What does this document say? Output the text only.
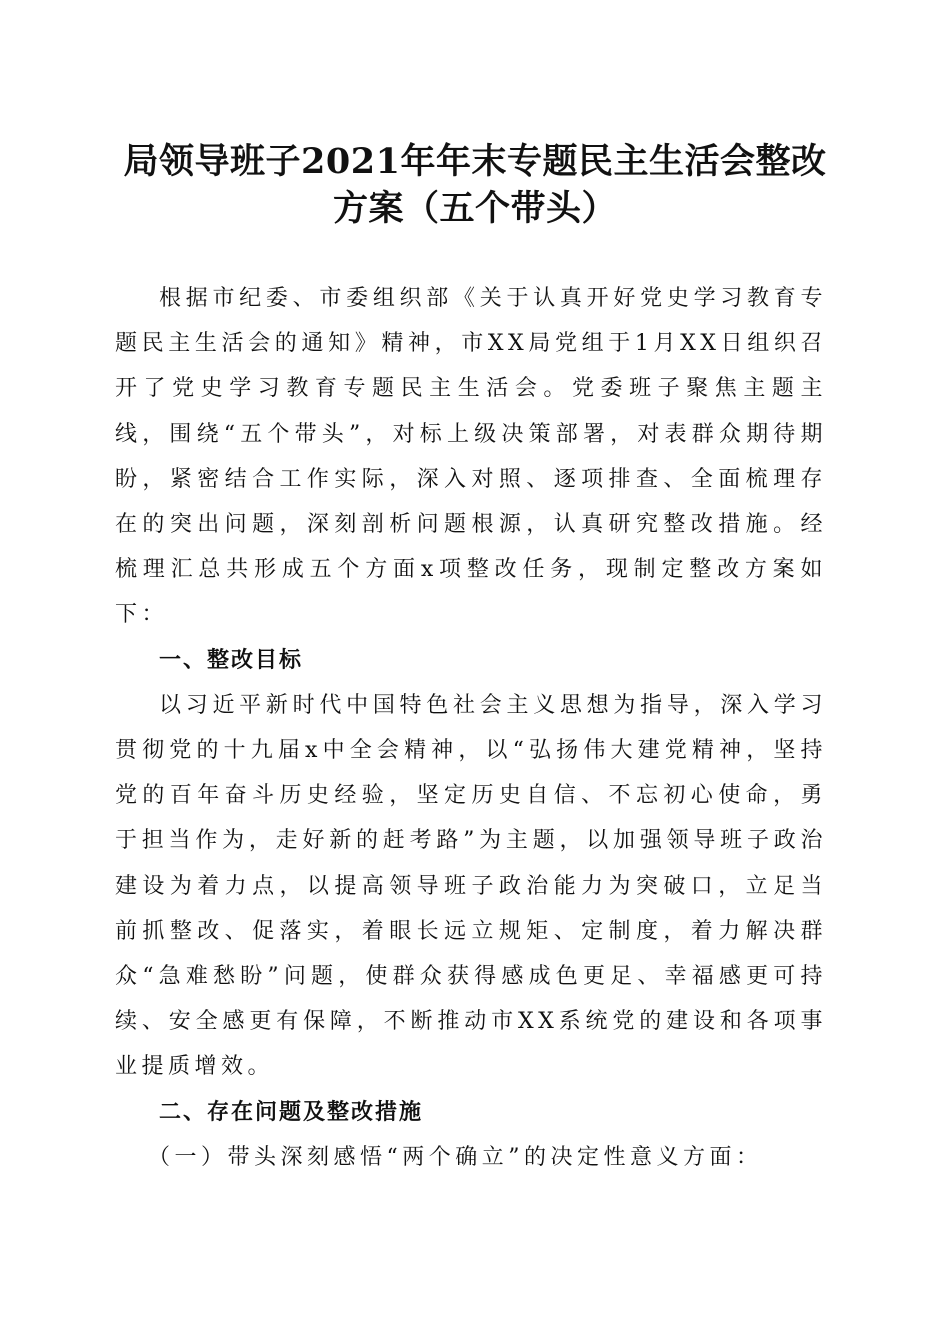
局领导班子2021年年末专题民主生活会整改
方案（五个带头）

根据市纪委、市委组织部《关于认真开好党史学习教育专题民主生活会的通知》精神，市XX局党组于1月XX日组织召开了党史学习教育专题民主生活会。党委班子聚焦主题主线，围绕“五个带头”，对标上级决策部署，对表群众期待期盼，紧密结合工作实际，深入对照、逐项排查、全面梳理存在的突出问题，深刻剖析问题根源，认真研究整改措施。经梳理汇总共形成五个方面x项整改任务，现制定整改方案如下：

一、整改目标

以习近平新时代中国特色社会主义思想为指导，深入学习贯彻党的十九届x中全会精神，以“弘扬伟大建党精神，坚持党的百年奋斗历史经验，坚定历史自信、不忘初心使命，勇于担当作为，走好新的赶考路”为主题，以加强领导班子政治建设为着力点，以提高领导班子政治能力为突破口，立足当前抓整改、促落实，着眼长远立规矩、定制度，着力解决群众“急难愁盼”问题，使群众获得感成色更足、幸福感更可持续、安全感更有保障，不断推动市XX系统党的建设和各项事业提质增效。

二、存在问题及整改措施

（一）带头深刻感悟“两个确立”的决定性意义方面：
